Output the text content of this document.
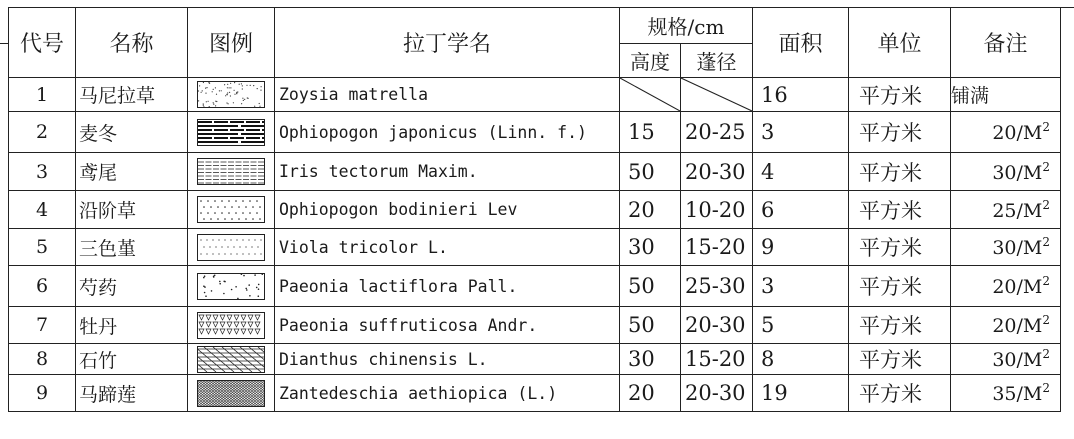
代号	名称	图例	拉丁学名	规格/cm		面积	单位	备注
				高度	蓬径			
1	马尼拉草		Zoysia matrella			16	平方米	铺满
2	麦冬		Ophiopogon japonicus (Linn. f.)	15	20-25	3	平方米	$20/M^2$
3	鸢尾		Iris tectorum Maxim.	50	20-30	4	平方米	$30/M^2$
4	沿阶草		Ophiopogon bodinieri Lev	20	10-20	6	平方米	$25/M^2$
5	三色堇		Viola tricolor L.	30	15-20	9	平方米	$30/M^2$
6	芍药		Paeonia lactiflora Pall.	50	25-30	3	平方米	$20/M^2$
7	牡丹		Paeonia suffruticosa Andr.	50	20-30	5	平方米	$20/M^2$
8	石竹		Dianthus chinensis L.	30	15-20	8	平方米	$30/M^2$
9	马蹄莲		Zantedeschia aethiopica (L.)	20	20-30	19	平方米	$35/M^2$
